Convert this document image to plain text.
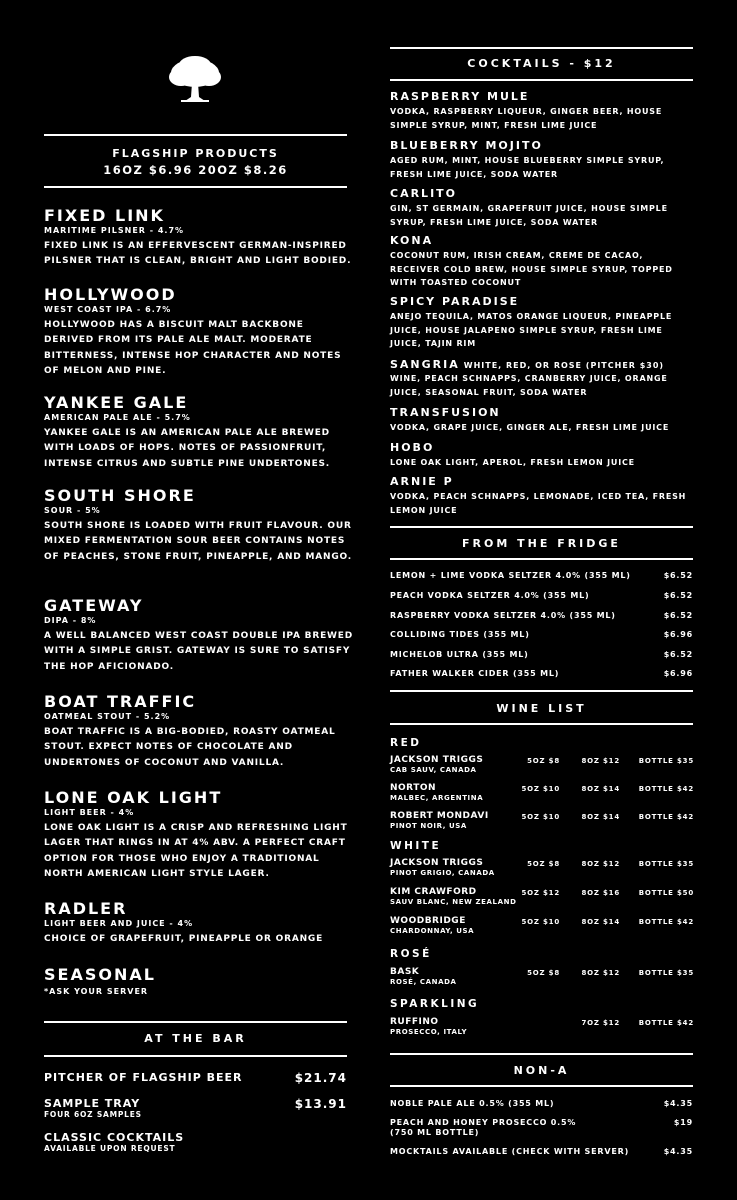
FLAGSHIP PRODUCTS
16OZ $6.96 20OZ $8.26
FIXED LINK
MARITIME PILSNER - 4.7%
FIXED LINK IS AN EFFERVESCENT GERMAN-INSPIRED PILSNER THAT IS CLEAN, BRIGHT AND LIGHT BODIED.
HOLLYWOOD
WEST COAST IPA - 6.7%
HOLLYWOOD HAS A BISCUIT MALT BACKBONE DERIVED FROM ITS PALE ALE MALT. MODERATE BITTERNESS, INTENSE HOP CHARACTER AND NOTES OF MELON AND PINE.
YANKEE GALE
AMERICAN PALE ALE - 5.7%
YANKEE GALE IS AN AMERICAN PALE ALE BREWED WITH LOADS OF HOPS. NOTES OF PASSIONFRUIT, INTENSE CITRUS AND SUBTLE PINE UNDERTONES.
SOUTH SHORE
SOUR - 5%
SOUTH SHORE IS LOADED WITH FRUIT FLAVOUR. OUR MIXED FERMENTATION SOUR BEER CONTAINS NOTES OF PEACHES, STONE FRUIT, PINEAPPLE, AND MANGO.
GATEWAY
DIPA - 8%
A WELL BALANCED WEST COAST DOUBLE IPA BREWED WITH A SIMPLE GRIST. GATEWAY IS SURE TO SATISFY THE HOP AFICIONADO.
BOAT TRAFFIC
OATMEAL STOUT - 5.2%
BOAT TRAFFIC IS A BIG-BODIED, ROASTY OATMEAL STOUT. EXPECT NOTES OF CHOCOLATE AND UNDERTONES OF COCONUT AND VANILLA.
LONE OAK LIGHT
LIGHT BEER - 4%
LONE OAK LIGHT IS A CRISP AND REFRESHING LIGHT LAGER THAT RINGS IN AT 4% ABV. A PERFECT CRAFT OPTION FOR THOSE WHO ENJOY A TRADITIONAL NORTH AMERICAN LIGHT STYLE LAGER.
RADLER
LIGHT BEER AND JUICE - 4%
CHOICE OF GRAPEFRUIT, PINEAPPLE OR ORANGE
SEASONAL
*ASK YOUR SERVER
AT THE BAR
PITCHER OF FLAGSHIP BEER	$21.74
SAMPLE TRAY
FOUR 6OZ SAMPLES
$13.91
CLASSIC COCKTAILS
AVAILABLE UPON REQUEST
COCKTAILS - $12
RASPBERRY MULE
VODKA, RASPBERRY LIQUEUR, GINGER BEER, HOUSE SIMPLE SYRUP, MINT, FRESH LIME JUICE
BLUEBERRY MOJITO
AGED RUM, MINT, HOUSE BLUEBERRY SIMPLE SYRUP, FRESH LIME JUICE, SODA WATER
CARLITO
GIN, ST GERMAIN, GRAPEFRUIT JUICE, HOUSE SIMPLE SYRUP, FRESH LIME JUICE, SODA WATER
KONA
COCONUT RUM, IRISH CREAM, CREME DE CACAO, RECEIVER COLD BREW, HOUSE SIMPLE SYRUP, TOPPED WITH TOASTED COCONUT
SPICY PARADISE
ANEJO TEQUILA, MATOS ORANGE LIQUEUR, PINEAPPLE JUICE, HOUSE JALAPENO SIMPLE SYRUP, FRESH LIME JUICE, TAJIN RIM
SANGRIA WHITE, RED, OR ROSE (PITCHER $30)
WINE, PEACH SCHNAPPS, CRANBERRY JUICE, ORANGE JUICE, SEASONAL FRUIT, SODA WATER
TRANSFUSION
VODKA, GRAPE JUICE, GINGER ALE, FRESH LIME JUICE
HOBO
LONE OAK LIGHT, APEROL, FRESH LEMON JUICE
ARNIE P
VODKA, PEACH SCHNAPPS, LEMONADE, ICED TEA, FRESH LEMON JUICE
FROM THE FRIDGE
LEMON + LIME VODKA SELTZER 4.0% (355 ML)	$6.52
PEACH VODKA SELTZER 4.0% (355 ML)	$6.52
RASPBERRY VODKA SELTZER 4.0% (355 ML)	$6.52
COLLIDING TIDES (355 ML)	$6.96
MICHELOB ULTRA (355 ML)	$6.52
FATHER WALKER CIDER (355 ML)	$6.96
WINE LIST
RED
JACKSON TRIGGS
CAB SAUV, CANADA
5OZ $8	8OZ $12	BOTTLE $35
NORTON
MALBEC, ARGENTINA
5OZ $10	8OZ $14	BOTTLE $42
ROBERT MONDAVI
PINOT NOIR, USA
5OZ $10	8OZ $14	BOTTLE $42
WHITE
JACKSON TRIGGS
PINOT GRIGIO, CANADA
5OZ $8	8OZ $12	BOTTLE $35
KIM CRAWFORD
SAUV BLANC, NEW ZEALAND
5OZ $12	8OZ $16	BOTTLE $50
WOODBRIDGE
CHARDONNAY, USA
5OZ $10	8OZ $14	BOTTLE $42
ROSÉ
BASK
ROSÉ, CANADA
5OZ $8	8OZ $12	BOTTLE $35
SPARKLING
RUFFINO
PROSECCO, ITALY
7OZ $12	BOTTLE $42
NON-A
NOBLE PALE ALE 0.5% (355 ML)	$4.35
PEACH AND HONEY PROSECCO 0.5%
(750 ML BOTTLE)
$19
MOCKTAILS AVAILABLE (CHECK WITH SERVER)	$4.35
